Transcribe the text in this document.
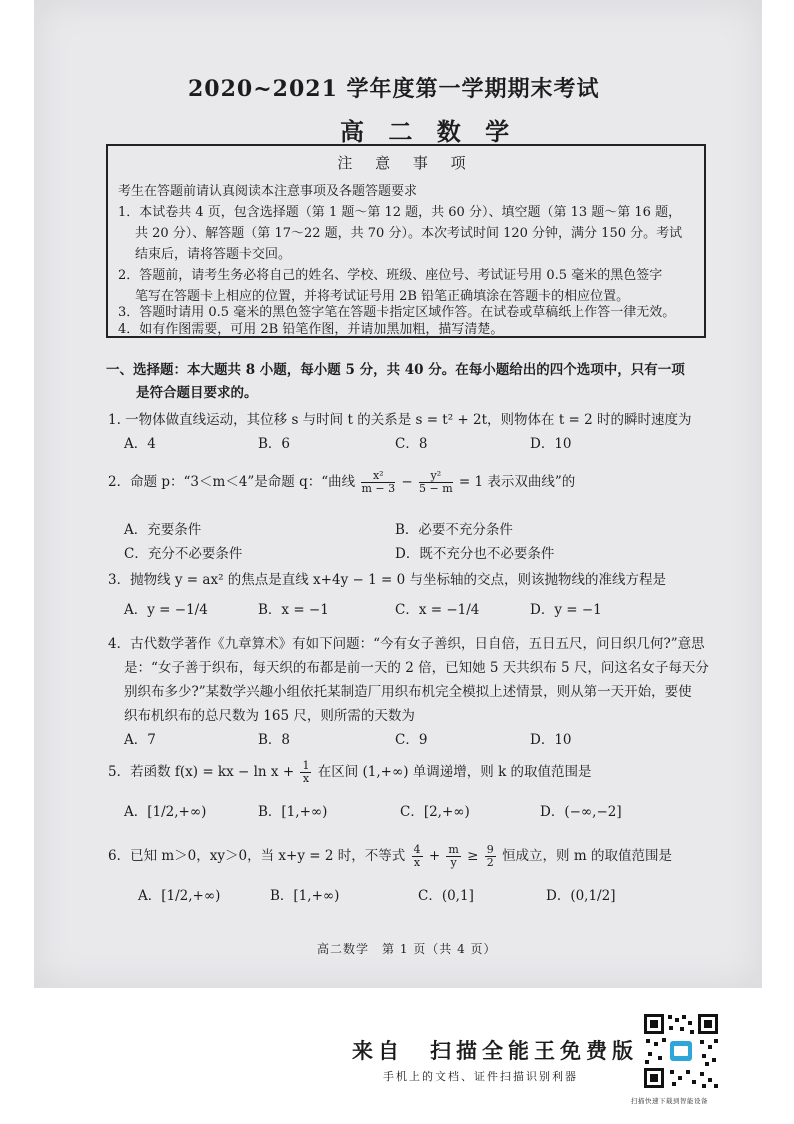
2020~2021 学年度第一学期期末考试
高 二 数 学
注 意 事 项
考生在答题前请认真阅读本注意事项及各题答题要求
1．本试卷共 4 页，包含选择题（第 1 题～第 12 题，共 60 分）、填空题（第 13 题～第 16 题，
共 20 分）、解答题（第 17～22 题，共 70 分）。本次考试时间 120 分钟，满分 150 分。考试
结束后，请将答题卡交回。
2．答题前，请考生务必将自己的姓名、学校、班级、座位号、考试证号用 0.5 毫米的黑色签字
笔写在答题卡上相应的位置，并将考试证号用 2B 铅笔正确填涂在答题卡的相应位置。
3．答题时请用 0.5 毫米的黑色签字笔在答题卡指定区域作答。在试卷或草稿纸上作答一律无效。
4．如有作图需要，可用 2B 铅笔作图，并请加黑加粗，描写清楚。
一、选择题：本大题共 8 小题，每小题 5 分，共 40 分。在每小题给出的四个选项中，只有一项
是符合题目要求的。
1. 一物体做直线运动，其位移 s 与时间 t 的关系是 s = t² + 2t，则物体在 t = 2 时的瞬时速度为
A．4	B．6	C．8	D．10
2．命题 p：“3＜m＜4”是命题 q：“曲线 $\frac{\text{x²}}{m - 3} - \frac{\text{y²}}{5 - m} = 1$ 表示双曲线”的
A．充要条件	B．必要不充分条件
C．充分不必要条件	D．既不充分也不必要条件
3．抛物线 y = ax² 的焦点是直线 x+4y − 1 = 0 与坐标轴的交点，则该抛物线的准线方程是
A．y = −1/4	B．x = −1	C．x = −1/4	D．y = −1
4．古代数学著作《九章算术》有如下问题：“今有女子善织，日自倍，五日五尺，问日织几何?”意思
是：“女子善于织布，每天织的布都是前一天的 2 倍，已知她 5 天共织布 5 尺，问这名女子每天分
别织布多少?”某数学兴趣小组依托某制造厂用织布机完全模拟上述情景，则从第一天开始，要使
织布机织布的总尺数为 165 尺，则所需的天数为
A．7	B．8	C．9	D．10
5．若函数 f(x) = kx − $\ln x + \frac{1}{x}$ 在区间 (1,+∞) 单调递增，则 k 的取值范围是
A．[1/2,+∞)	B．[1,+∞)	C．[2,+∞)	D．(−∞,−2]
6．已知 m＞0，xy＞0，当 x+y = 2 时，不等式 $\frac{4}{x} + \frac{m}{y} \ge \frac{9}{2}$ 恒成立，则 m 的取值范围是
A．[1/2,+∞)	B．[1,+∞)	C．(0,1]	D．(0,1/2]
高二数学　第 1 页（共 4 页）
来自　扫描全能王免费版
手机上的文档、证件扫描识别利器
扫描快速下载到智能设备
